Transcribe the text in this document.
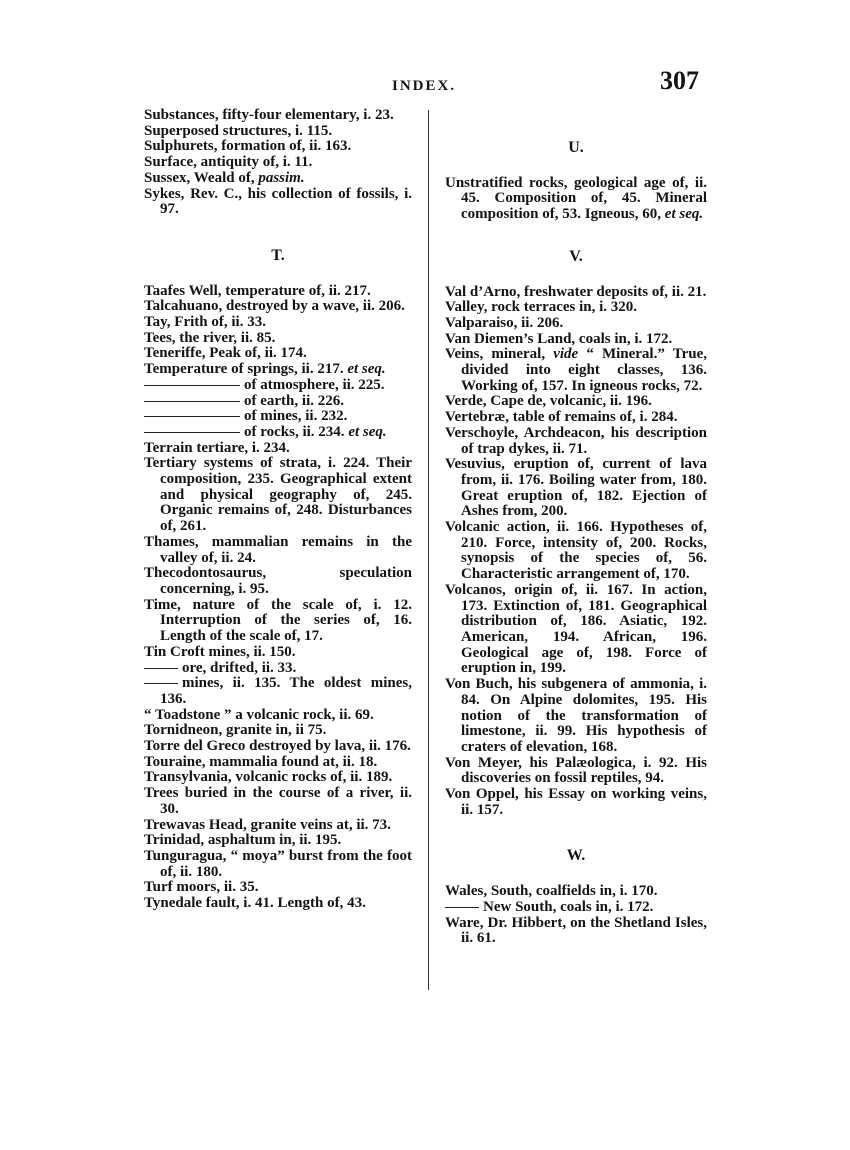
INDEX.	307
Substances, fifty-four elementary, i. 23.
Superposed structures, i. 115.
Sulphurets, formation of, ii. 163.
Surface, antiquity of, i. 11.
Sussex, Weald of, passim.
Sykes, Rev. C., his collection of fossils, i. 97.
T.
Taafes Well, temperature of, ii. 217.
Talcahuano, destroyed by a wave, ii. 206.
Tay, Frith of, ii. 33.
Tees, the river, ii. 85.
Teneriffe, Peak of, ii. 174.
Temperature of springs, ii. 217. et seq.
of atmosphere, ii. 225.
of earth, ii. 226.
of mines, ii. 232.
of rocks, ii. 234. et seq.
Terrain tertiare, i. 234.
Tertiary systems of strata, i. 224. Their composition, 235. Geographical extent and physical geography of, 245. Organic remains of, 248. Disturbances of, 261.
Thames, mammalian remains in the valley of, ii. 24.
Thecodontosaurus, speculation concerning, i. 95.
Time, nature of the scale of, i. 12. Interruption of the series of, 16. Length of the scale of, 17.
Tin Croft mines, ii. 150.
ore, drifted, ii. 33.
mines, ii. 135. The oldest mines, 136.
“ Toadstone ” a volcanic rock, ii. 69.
Tornidneon, granite in, ii 75.
Torre del Greco destroyed by lava, ii. 176.
Touraine, mammalia found at, ii. 18.
Transylvania, volcanic rocks of, ii. 189.
Trees buried in the course of a river, ii. 30.
Trewavas Head, granite veins at, ii. 73.
Trinidad, asphaltum in, ii. 195.
Tunguragua, “ moya” burst from the foot of, ii. 180.
Turf moors, ii. 35.
Tynedale fault, i. 41. Length of, 43.
U.
Unstratified rocks, geological age of, ii. 45. Composition of, 45. Mineral composition of, 53. Igneous, 60, et seq.
V.
Val d’Arno, freshwater deposits of, ii. 21.
Valley, rock terraces in, i. 320.
Valparaiso, ii. 206.
Van Diemen’s Land, coals in, i. 172.
Veins, mineral, vide “ Mineral.” True, divided into eight classes, 136. Working of, 157. In igneous rocks, 72.
Verde, Cape de, volcanic, ii. 196.
Vertebræ, table of remains of, i. 284.
Verschoyle, Archdeacon, his description of trap dykes, ii. 71.
Vesuvius, eruption of, current of lava from, ii. 176. Boiling water from, 180. Great eruption of, 182. Ejection of Ashes from, 200.
Volcanic action, ii. 166. Hypotheses of, 210. Force, intensity of, 200. Rocks, synopsis of the species of, 56. Characteristic arrangement of, 170.
Volcanos, origin of, ii. 167. In action, 173. Extinction of, 181. Geographical distribution of, 186. Asiatic, 192. American, 194. African, 196. Geological age of, 198. Force of eruption in, 199.
Von Buch, his subgenera of ammonia, i. 84. On Alpine dolomites, 195. His notion of the transformation of limestone, ii. 99. His hypothesis of craters of elevation, 168.
Von Meyer, his Palæologica, i. 92. His discoveries on fossil reptiles, 94.
Von Oppel, his Essay on working veins, ii. 157.
W.
Wales, South, coalfields in, i. 170.
New South, coals in, i. 172.
Ware, Dr. Hibbert, on the Shetland Isles, ii. 61.
